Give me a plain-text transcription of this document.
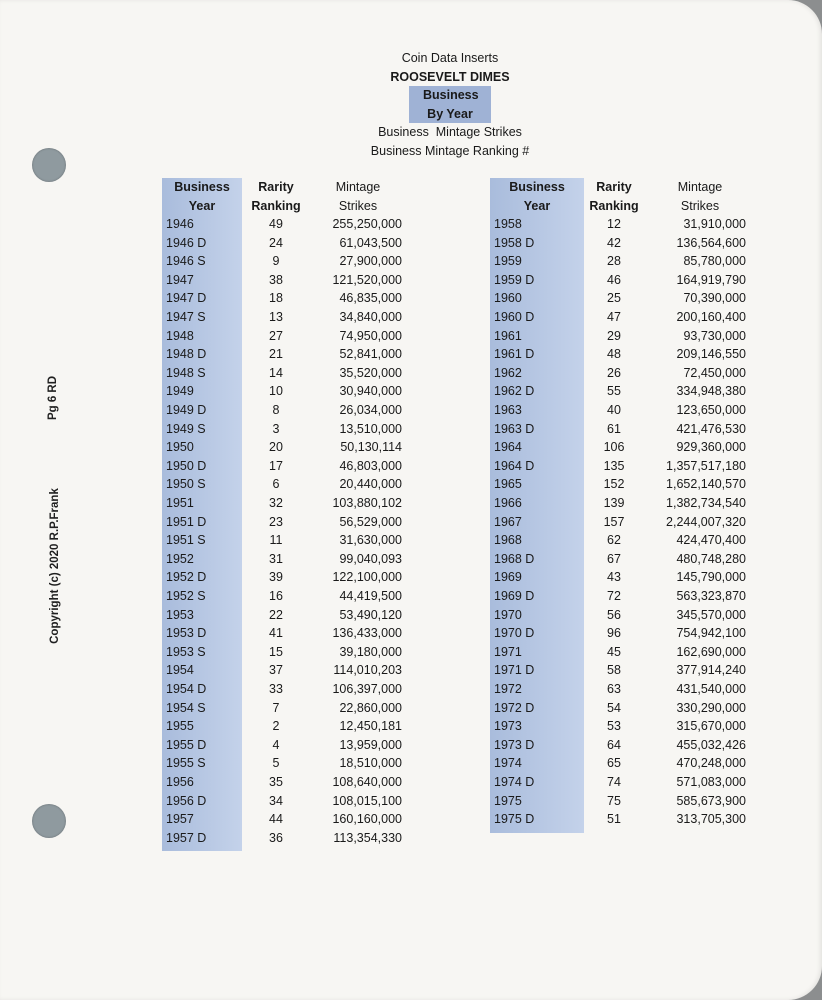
Pg 6 RD
Copyright (c) 2020 R.P.Frank
Coin Data Inserts
ROOSEVELT DIMES
Business
By Year
Business  Mintage Strikes
Business Mintage Ranking #
Business
Year
Rarity
Ranking
Mintage
Strikes
1946	49	255,250,000
1946 D	24	61,043,500
1946 S	9	27,900,000
1947	38	121,520,000
1947 D	18	46,835,000
1947 S	13	34,840,000
1948	27	74,950,000
1948 D	21	52,841,000
1948 S	14	35,520,000
1949	10	30,940,000
1949 D	8	26,034,000
1949 S	3	13,510,000
1950	20	50,130,114
1950 D	17	46,803,000
1950 S	6	20,440,000
1951	32	103,880,102
1951 D	23	56,529,000
1951 S	11	31,630,000
1952	31	99,040,093
1952 D	39	122,100,000
1952 S	16	44,419,500
1953	22	53,490,120
1953 D	41	136,433,000
1953 S	15	39,180,000
1954	37	114,010,203
1954 D	33	106,397,000
1954 S	7	22,860,000
1955	2	12,450,181
1955 D	4	13,959,000
1955 S	5	18,510,000
1956	35	108,640,000
1956 D	34	108,015,100
1957	44	160,160,000
1957 D	36	113,354,330
Business
Year
Rarity
Ranking
Mintage
Strikes
1958	12	31,910,000
1958 D	42	136,564,600
1959	28	85,780,000
1959 D	46	164,919,790
1960	25	70,390,000
1960 D	47	200,160,400
1961	29	93,730,000
1961 D	48	209,146,550
1962	26	72,450,000
1962 D	55	334,948,380
1963	40	123,650,000
1963 D	61	421,476,530
1964	106	929,360,000
1964 D	135	1,357,517,180
1965	152	1,652,140,570
1966	139	1,382,734,540
1967	157	2,244,007,320
1968	62	424,470,400
1968 D	67	480,748,280
1969	43	145,790,000
1969 D	72	563,323,870
1970	56	345,570,000
1970 D	96	754,942,100
1971	45	162,690,000
1971 D	58	377,914,240
1972	63	431,540,000
1972 D	54	330,290,000
1973	53	315,670,000
1973 D	64	455,032,426
1974	65	470,248,000
1974 D	74	571,083,000
1975	75	585,673,900
1975 D	51	313,705,300
